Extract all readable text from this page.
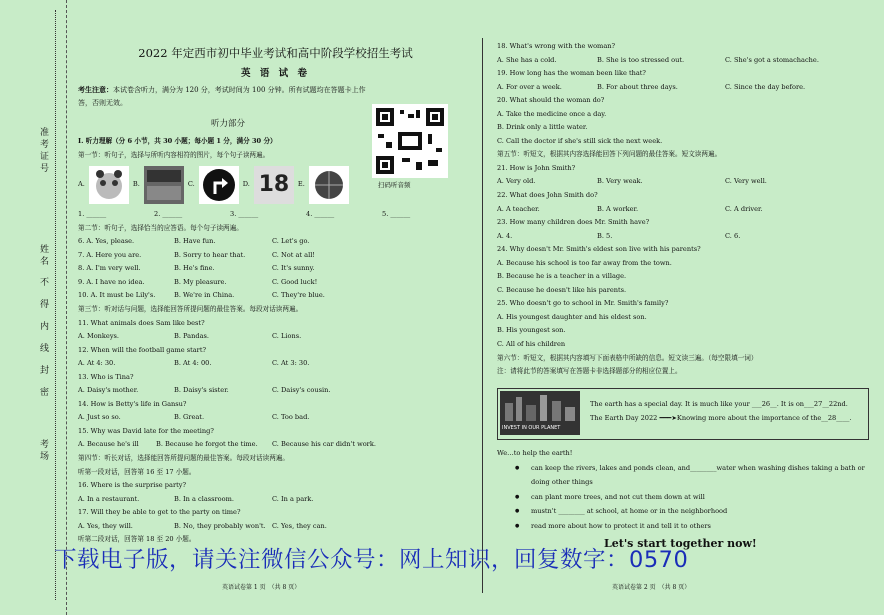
准
考
证
号
姓
名
不
得
内
线
封
密
考
场
2022 年定西市初中毕业考试和高中阶段学校招生考试
英 语 试 卷
考生注意：本试卷含听力，满分为 120 分，考试时间为 100 分钟。所有试题均在答题卡上作答，否则无效。
听力部分
I. 听力理解（分 6 小节，共 30 小题；每小题 1 分，满分 30 分）
第一节：听句子，选择与所听内容相符的图片，每个句子读两遍。
A.	B.	C.	D. 18	E.
1. ______	2. ______	3. ______	4. ______	5. ______
第二节：听句子，选择恰当的应答语。每个句子读两遍。
6. A. Yes, please.	B. Have fun.	C. Let's go.
7. A. Here you are.	B. Sorry to hear that.	C. Not at all!
8. A. I'm very well.	B. He's fine.	C. It's sunny.
9. A. I have no idea.	B. My pleasure.	C. Good luck!
10. A. It must be Lily's.	B. We're in China.	C. They're blue.
第三节：听对话与问题，选择能回答所提问题的最佳答案。每段对话读两遍。
11. What animals does Sam like best?
A. Monkeys.	B. Pandas.	C. Lions.
12. When will the football game start?
A. At 4: 30.	B. At 4: 00.	C. At 3: 30.
13. Who is Tina?
A. Daisy's mother.	B. Daisy's sister.	C. Daisy's cousin.
14. How is Betty's life in Gansu?
A. Just so so.	B. Great.	C. Too bad.
15. Why was David late for the meeting?
A. Because he's ill	B. Because he forgot the time.	C. Because his car didn't work.
第四节：听长对话，选择能回答所提问题的最佳答案。每段对话读两遍。
听第一段对话，回答第 16 至 17 小题。
16. Where is the surprise party?
A. In a restaurant.	B. In a classroom.	C. In a park.
17. Will they be able to get to the party on time?
A. Yes, they will.	B. No, they probably won't. C. Yes, they can.
听第二段对话，回答第 18 至 20 小题。
扫码听音频
18. What's wrong with the woman?
A. She has a cold.	B. She is too stressed out.	C. She's got a stomachache.
19. How long has the woman been like that?
A. For over a week.	B. For about three days.	C. Since the day before.
20. What should the woman do?
A. Take the medicine once a day.
B. Drink only a little water.
C. Call the doctor if she's still sick the next week.
第五节：听短文，根据其内容选择能回答下列问题的最佳答案。短文读两遍。
21. How is John Smith?
A. Very old.	B. Very weak.	C. Very well.
22. What does John Smith do?
A. A teacher.	B. A worker.	C. A driver.
23. How many children does Mr. Smith have?
A. 4.	B. 5.	C. 6.
24. Why doesn't Mr. Smith's eldest son live with his parents?
A. Because his school is too far away from the town.
B. Because he is a teacher in a village.
C. Because he doesn't like his parents.
25. Who doesn't go to school in Mr. Smith's family?
A. His youngest daughter and his eldest son.
B. His youngest son.
C. All of his children
第六节：听短文，根据其内容填写下面表格中所缺的信息。短文读三遍。（每空限填一词）
注：请将此节的答案填写在答题卡非选择题部分的相应位置上。
INVEST IN OUR PLANET
The earth has a special day. It is much like your ___26__. It is on___27__22nd.
The Earth Day 2022 ━━━➤Knowing more about the importance of the__28____.
We…to help the earth!
● can keep the rivers, lakes and ponds clean, and________water when washing dishes taking a bath or
doing other things
● can plant more trees, and not cut them down at will
● mustn't ________ at school, at home or in the neighborhood
● read more about how to protect it and tell it to others
Let's start together now!
英语试卷第 1 页　（共 8 页）	英语试卷第 2 页　（共 8 页）
下载电子版，请关注微信公众号：网上知识，回复数字：0570
